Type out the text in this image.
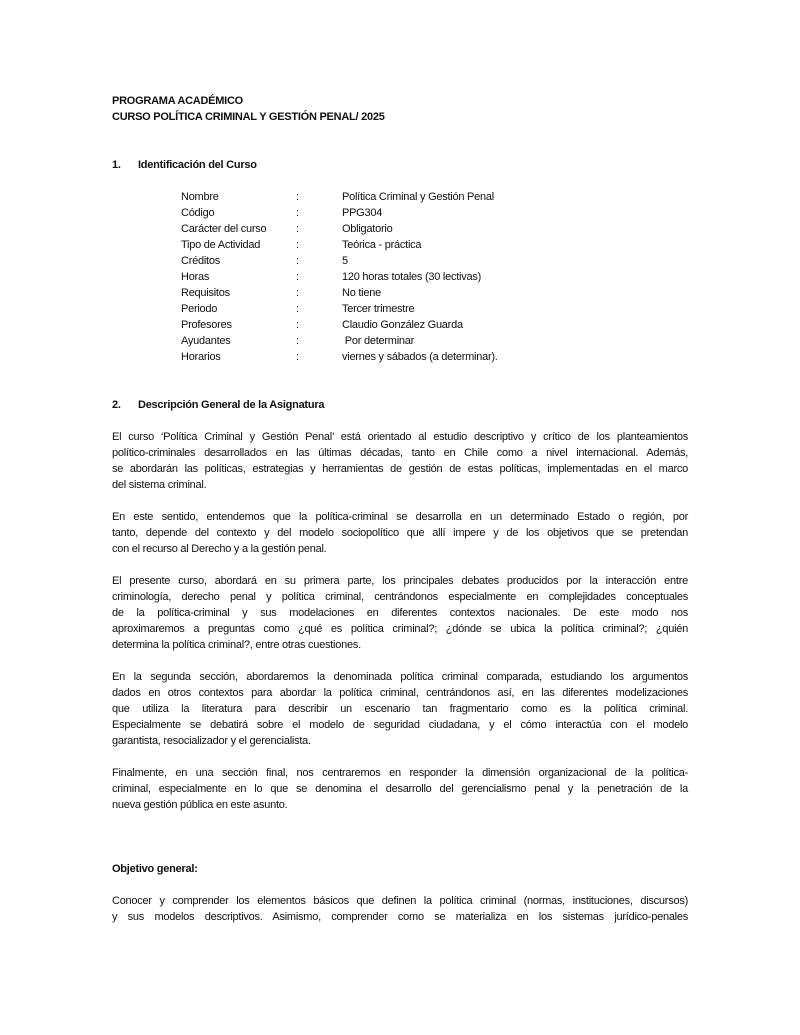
PROGRAMA ACADÉMICO
CURSO POLÍTICA CRIMINAL Y GESTIÓN PENAL/ 2025
1. Identificación del Curso
Nombre	:	Política Criminal y Gestión Penal
Código	:	PPG304
Carácter del curso	:	Obligatorio
Tipo de Actividad	:	Teórica - práctica
Créditos	:	5
Horas	:	120 horas totales (30 lectivas)
Requisitos	:	No tiene
Periodo	:	Tercer trimestre
Profesores	:	Claudio González Guarda
Ayudantes	:	Por determinar
Horarios	:	viernes y sábados (a determinar).
2. Descripción General de la Asignatura
El curso ‘Política Criminal y Gestión Penal’ está orientado al estudio descriptivo y crítico de los planteamientos
político-criminales desarrollados en las últimas décadas, tanto en Chile como a nivel internacional. Además,
se abordarán las políticas, estrategias y herramientas de gestión de estas políticas, implementadas en el marco
del sistema criminal.
En este sentido, entendemos que la política-criminal se desarrolla en un determinado Estado o región, por
tanto, depende del contexto y del modelo sociopolítico que allí impere y de los objetivos que se pretendan
con el recurso al Derecho y a la gestión penal.
El presente curso, abordará en su primera parte, los principales debates producidos por la interacción entre
criminología, derecho penal y política criminal, centrándonos especialmente en complejidades conceptuales
de la política-criminal y sus modelaciones en diferentes contextos nacionales. De este modo nos
aproximaremos a preguntas como ¿qué es política criminal?; ¿dónde se ubica la política criminal?; ¿quién
determina la política criminal?, entre otras cuestiones.
En la segunda sección, abordaremos la denominada política criminal comparada, estudiando los argumentos
dados en otros contextos para abordar la política criminal, centrándonos así, en las diferentes modelizaciones
que utiliza la literatura para describir un escenario tan fragmentario como es la política criminal.
Especialmente se debatirá sobre el modelo de seguridad ciudadana, y el cómo interactúa con el modelo
garantista, resocializador y el gerencialista.
Finalmente, en una sección final, nos centraremos en responder la dimensión organizacional de la política-
criminal, especialmente en lo que se denomina el desarrollo del gerencialismo penal y la penetración de la
nueva gestión pública en este asunto.
Objetivo general:
Conocer y comprender los elementos básicos que definen la política criminal (normas, instituciones, discursos)
y sus modelos descriptivos. Asimismo, comprender como se materializa en los sistemas jurídico-penales
